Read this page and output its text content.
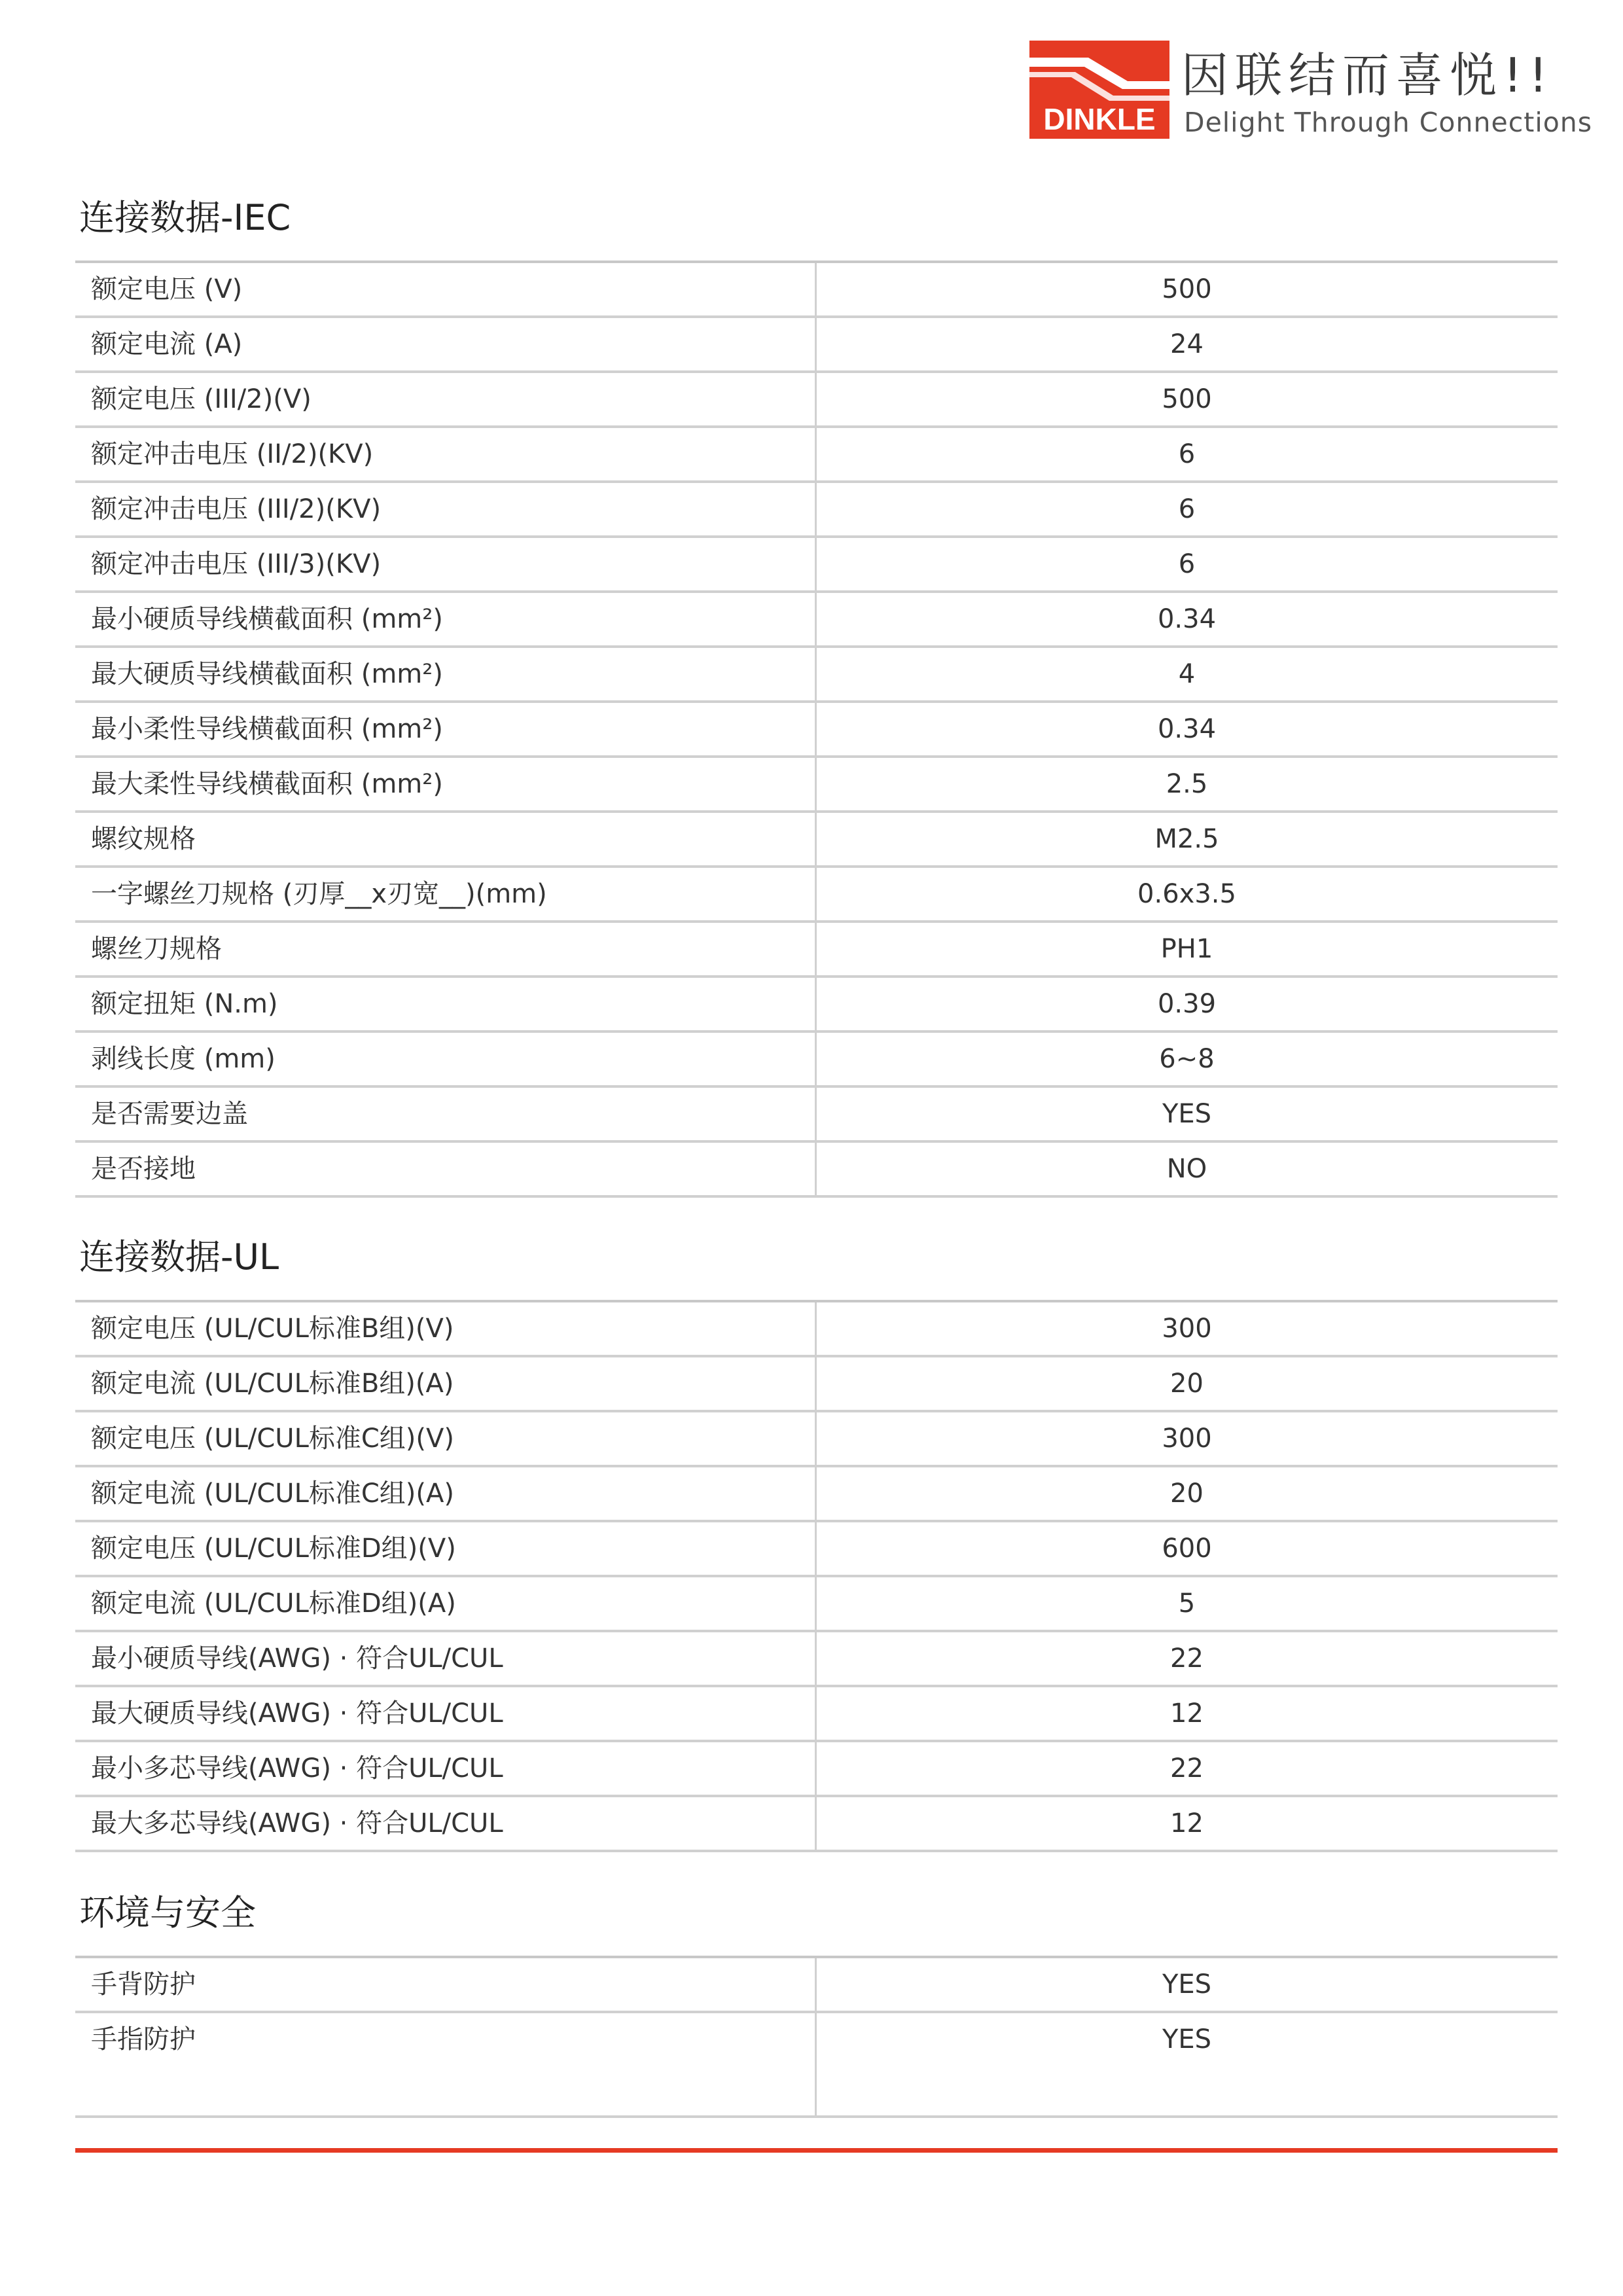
DINKLE
因联结而喜悦!!
Delight Through Connections
连接数据-IEC
额定电压 (V)	500
额定电流 (A)	24
额定电压 (III/2)(V)	500
额定冲击电压 (II/2)(KV)	6
额定冲击电压 (III/2)(KV)	6
额定冲击电压 (III/3)(KV)	6
最小硬质导线横截面积 (mm²)	0.34
最大硬质导线横截面积 (mm²)	4
最小柔性导线横截面积 (mm²)	0.34
最大柔性导线横截面积 (mm²)	2.5
螺纹规格	M2.5
一字螺丝刀规格 (刃厚__x刃宽__)(mm)	0.6x3.5
螺丝刀规格	PH1
额定扭矩 (N.m)	0.39
剥线长度 (mm)	6~8
是否需要边盖	YES
是否接地	NO
连接数据-UL
额定电压 (UL/CUL标准B组)(V)	300
额定电流 (UL/CUL标准B组)(A)	20
额定电压 (UL/CUL标准C组)(V)	300
额定电流 (UL/CUL标准C组)(A)	20
额定电压 (UL/CUL标准D组)(V)	600
额定电流 (UL/CUL标准D组)(A)	5
最小硬质导线(AWG) · 符合UL/CUL	22
最大硬质导线(AWG) · 符合UL/CUL	12
最小多芯导线(AWG) · 符合UL/CUL	22
最大多芯导线(AWG) · 符合UL/CUL	12
环境与安全
手背防护	YES
手指防护	YES
